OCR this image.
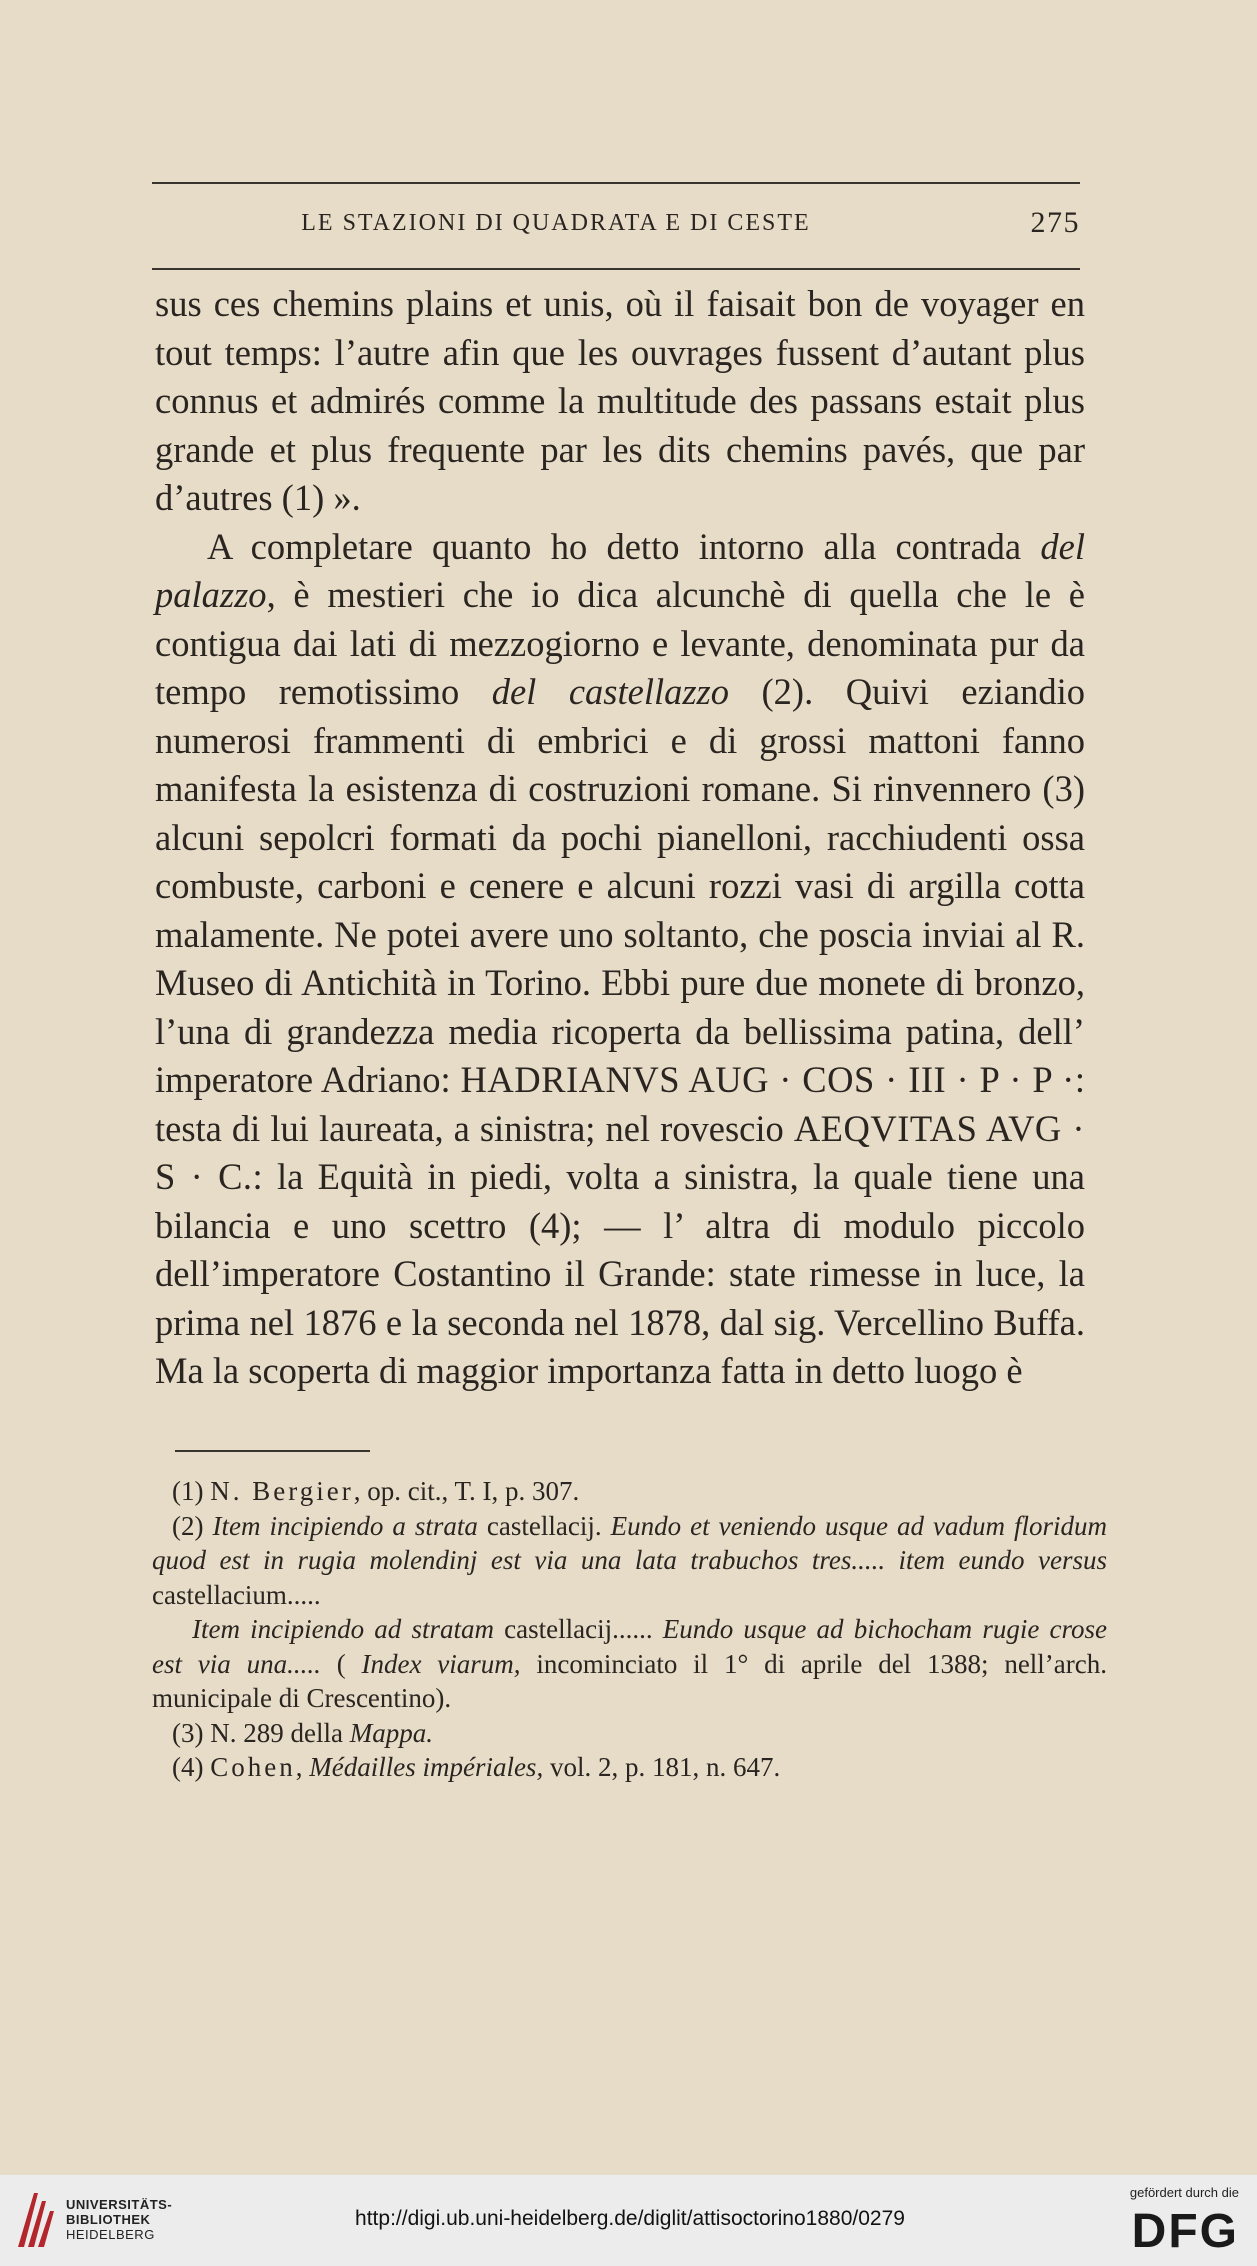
LE STAZIONI DI QUADRATA E DI CESTE	275

sus ces chemins plains et unis, où il faisait bon de voyager en tout temps: l’autre afin que les ouvrages fussent d’autant plus connus et admirés comme la multitude des passans estait plus grande et plus frequente par les dits chemins pavés, que par d’autres (1) ».

A completare quanto ho detto intorno alla contrada del palazzo, è mestieri che io dica alcunchè di quella che le è contigua dai lati di mezzogiorno e levante, denominata pur da tempo remotissimo del castellazzo (2). Quivi eziandio numerosi frammenti di embrici e di grossi mattoni fanno manifesta la esistenza di costruzioni romane. Si rinvennero (3) alcuni sepolcri formati da pochi pianelloni, racchiudenti ossa combuste, carboni e cenere e alcuni rozzi vasi di argilla cotta malamente. Ne potei avere uno soltanto, che poscia inviai al R. Museo di Antichità in Torino. Ebbi pure due monete di bronzo, l’una di grandezza media ricoperta da bellissima patina, dell’ imperatore Adriano: HADRIANVS AUG · COS · III · P · P ·: testa di lui laureata, a sinistra; nel rovescio AEQVITAS AVG · S · C.: la Equità in piedi, volta a sinistra, la quale tiene una bilancia e uno scettro (4); — l’ altra di modulo piccolo dell’imperatore Costantino il Grande: state rimesse in luce, la prima nel 1876 e la seconda nel 1878, dal sig. Vercellino Buffa. Ma la scoperta di maggior importanza fatta in detto luogo è

(1) N. Bergier, op. cit., T. I, p. 307.

(2) Item incipiendo a strata castellacij. Eundo et veniendo usque ad vadum floridum quod est in rugia molendinj est via una lata trabuchos tres..... item eundo versus castellacium.....

Item incipiendo ad stratam castellacij...... Eundo usque ad bichocham rugie crose est via una..... ( Index viarum, incominciato il 1° di aprile del 1388; nell’arch. municipale di Crescentino).

(3) N. 289 della Mappa.

(4) Cohen, Médailles impériales, vol. 2, p. 181, n. 647.

UNIVERSITÄTS-
BIBLIOTHEK
HEIDELBERG
http://digi.ub.uni-heidelberg.de/diglit/attisoctorino1880/0279
gefördert durch die
DFG
